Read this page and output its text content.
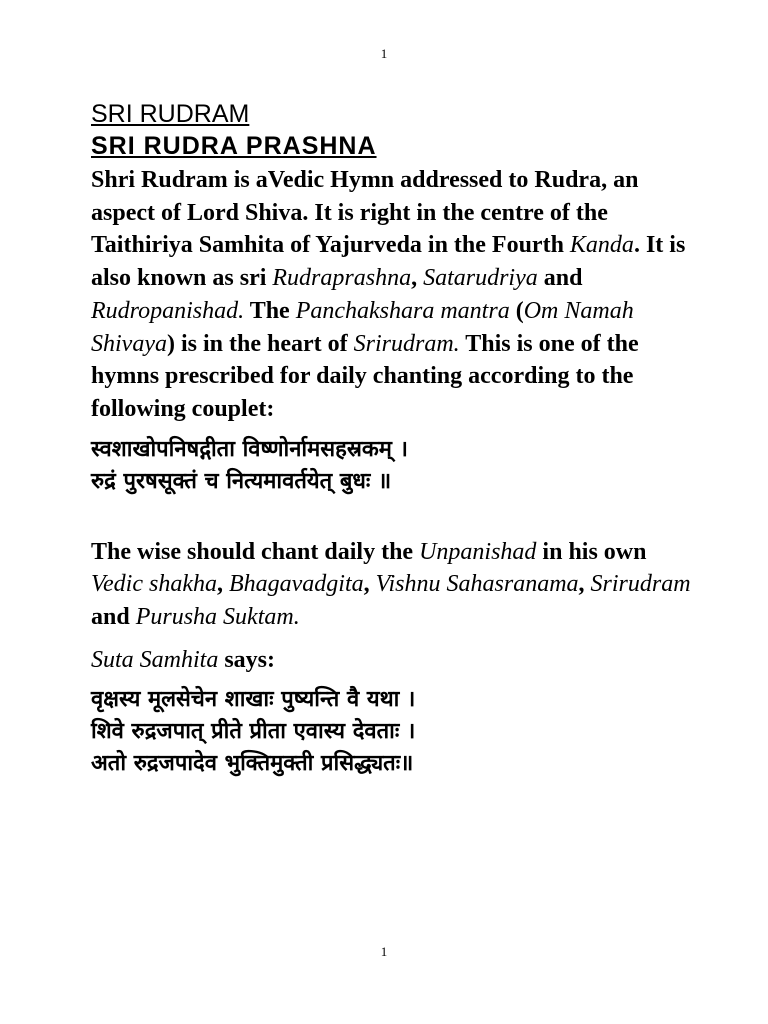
1
SRI RUDRAM
SRI RUDRA PRASHNA

Shri Rudram is aVedic Hymn addressed to Rudra, an aspect of Lord Shiva. It is right in the centre of the Taithiriya Samhita of Yajurveda in the Fourth Kanda. It is also known as sri Rudraprashna, Satarudriya and Rudropanishad. The Panchakshara mantra (Om Namah Shivaya) is in the heart of Srirudram. This is one of the hymns prescribed for daily chanting according to the following couplet:

स्वशाखोपनिषद्गीता विष्णोर्नामसहस्रकम् ।

रुद्रं पुरषसूक्तं च नित्यमावर्तयेत् बुधः ॥

The wise should chant daily the Unpanishad in his own Vedic shakha, Bhagavadgita, Vishnu Sahasranama, Srirudram and Purusha Suktam.

Suta Samhita says:

वृक्षस्य मूलसेचेन शाखाः पुष्यन्ति वै यथा ।

शिवे रुद्रजपात् प्रीते प्रीता एवास्य देवताः ।

अतो रुद्रजपादेव भुक्तिमुक्ती प्रसिद्ध्यतः॥

1
